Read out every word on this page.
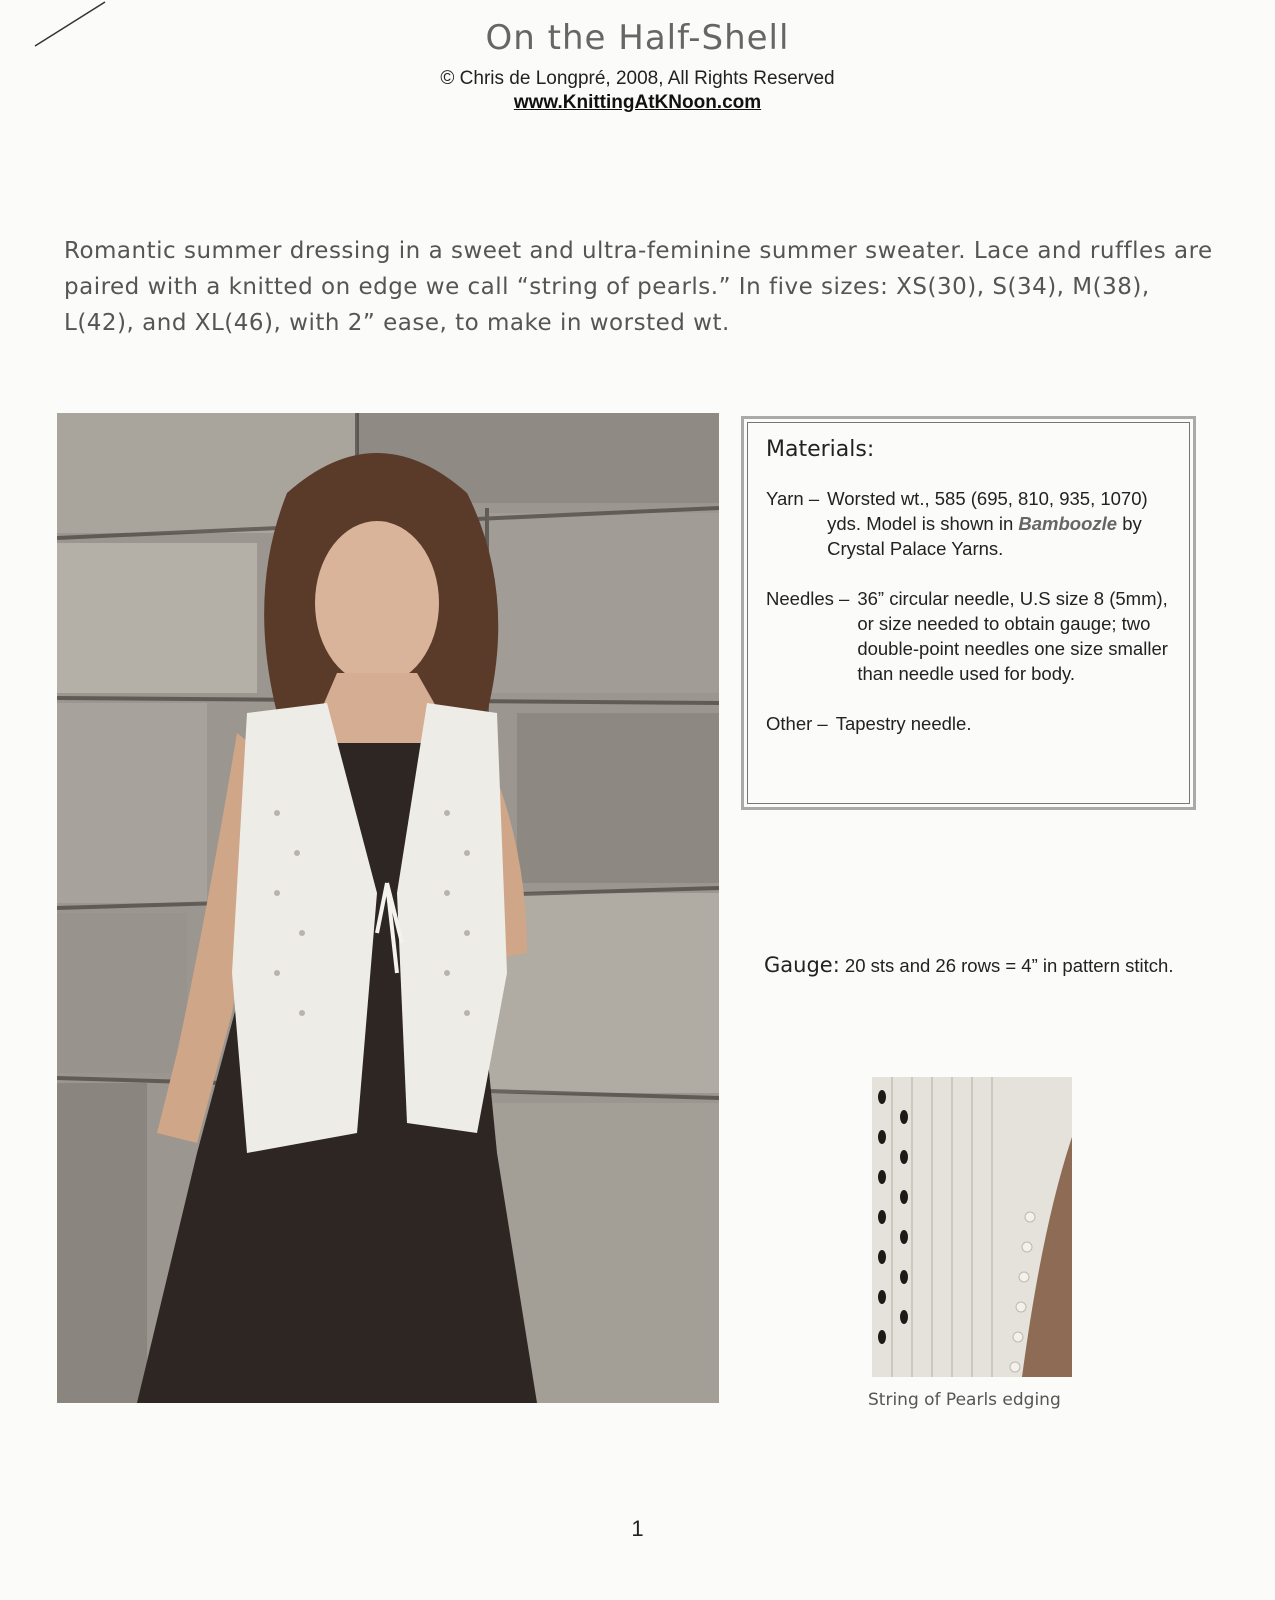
On the Half-Shell
© Chris de Longpré, 2008, All Rights Reserved
www.KnittingAtKNoon.com

Romantic summer dressing in a sweet and ultra-feminine summer sweater. Lace and ruffles are paired with a knitted on edge we call “string of pearls.” In five sizes: XS(30), S(34), M(38), L(42), and XL(46), with 2” ease, to make in worsted wt.

Materials:
Yarn – Worsted wt., 585 (695, 810, 935, 1070) yds. Model is shown in Bamboozle by Crystal Palace Yarns.
Needles – 36” circular needle, U.S size 8 (5mm), or size needed to obtain gauge; two double-point needles one size smaller than needle used for body.
Other – Tapestry needle.
Gauge: 20 sts and 26 rows = 4” in pattern stitch.
String of Pearls edging
1
